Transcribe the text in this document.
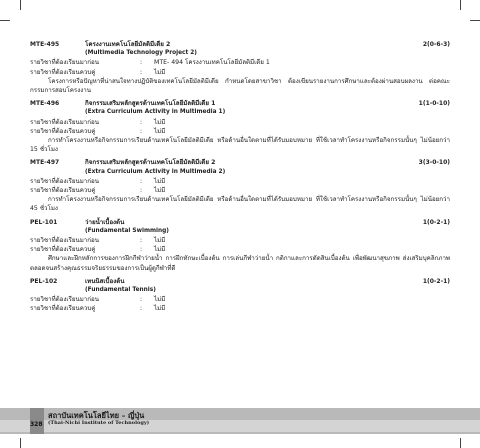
MTE-495	โครงงานเทคโนโลยีมัลติมีเดีย 2	2(0-6-3)
(Multimedia Technology Project 2)
รายวิชาที่ต้องเรียนมาก่อน	:	MTE- 494 โครงงานเทคโนโลยีมัลติมีเดีย 1
รายวิชาที่ต้องเรียนควบคู่	:	ไม่มี
โครงการหรือปัญหาที่น่าสนใจทางปฏิบัติของเทคโนโลยีมัลติมีเดีย กำหนดโดยสาขาวิชา ต้องเขียนรายงานการศึกษาและต้องผ่านสอบผลงาน ต่อคณะกรรมการสอบโครงงาน
MTE-496	กิจกรรมเสริมหลักสูตรด้านเทคโนโลยีมัลติมีเดีย 1	1(1-0-10)
(Extra Curriculum Activity in Multimedia 1)
รายวิชาที่ต้องเรียนมาก่อน	:	ไม่มี
รายวิชาที่ต้องเรียนควบคู่	:	ไม่มี
การทำโครงงานหรือกิจกรรมการเรียนด้านเทคโนโลยีมัลติมีเดีย หรือด้านอื่นใดตามที่ได้รับมอบหมาย ที่ใช้เวลาทำโครงงานหรือกิจกรรมนั้นๆ ไม่น้อยกว่า 15 ชั่วโมง
MTE-497	กิจกรรมเสริมหลักสูตรด้านเทคโนโลยีมัลติมีเดีย 2	3(3-0-10)
(Extra Curriculum Activity in Multimedia 2)
รายวิชาที่ต้องเรียนมาก่อน	:	ไม่มี
รายวิชาที่ต้องเรียนควบคู่	:	ไม่มี
การทำโครงงานหรือกิจกรรมการเรียนด้านเทคโนโลยีมัลติมีเดีย หรือด้านอื่นใดตามที่ได้รับมอบหมาย ที่ใช้เวลาทำโครงงานหรือกิจกรรมนั้นๆ ไม่น้อยกว่า 45 ชั่วโมง
PEL-101	ว่ายน้ำเบื้องต้น	1(0-2-1)
(Fundamental Swimming)
รายวิชาที่ต้องเรียนมาก่อน	:	ไม่มี
รายวิชาที่ต้องเรียนควบคู่	:	ไม่มี
ศึกษาและฝึกหลักการของการฝึกกีฬาว่ายน้ำ การฝึกทักษะเบื้องต้น การเล่นกีฬาว่ายน้ำ กติกาและการตัดสินเบื้องต้น เพื่อพัฒนาสุขภาพ ส่งเสริมบุคลิกภาพ ตลอดจนสร้างคุณธรรมจริยธรรมของการเป็นผู้ดูกีฬาที่ดี
PEL-102	เทนนิสเบื้องต้น	1(0-2-1)
(Fundamental Tennis)
รายวิชาที่ต้องเรียนมาก่อน	:	ไม่มี
รายวิชาที่ต้องเรียนควบคู่	:	ไม่มี
328
สถาบันเทคโนโลยีไทย – ญี่ปุ่น
(Thai-Nichi Institute of Technology)
